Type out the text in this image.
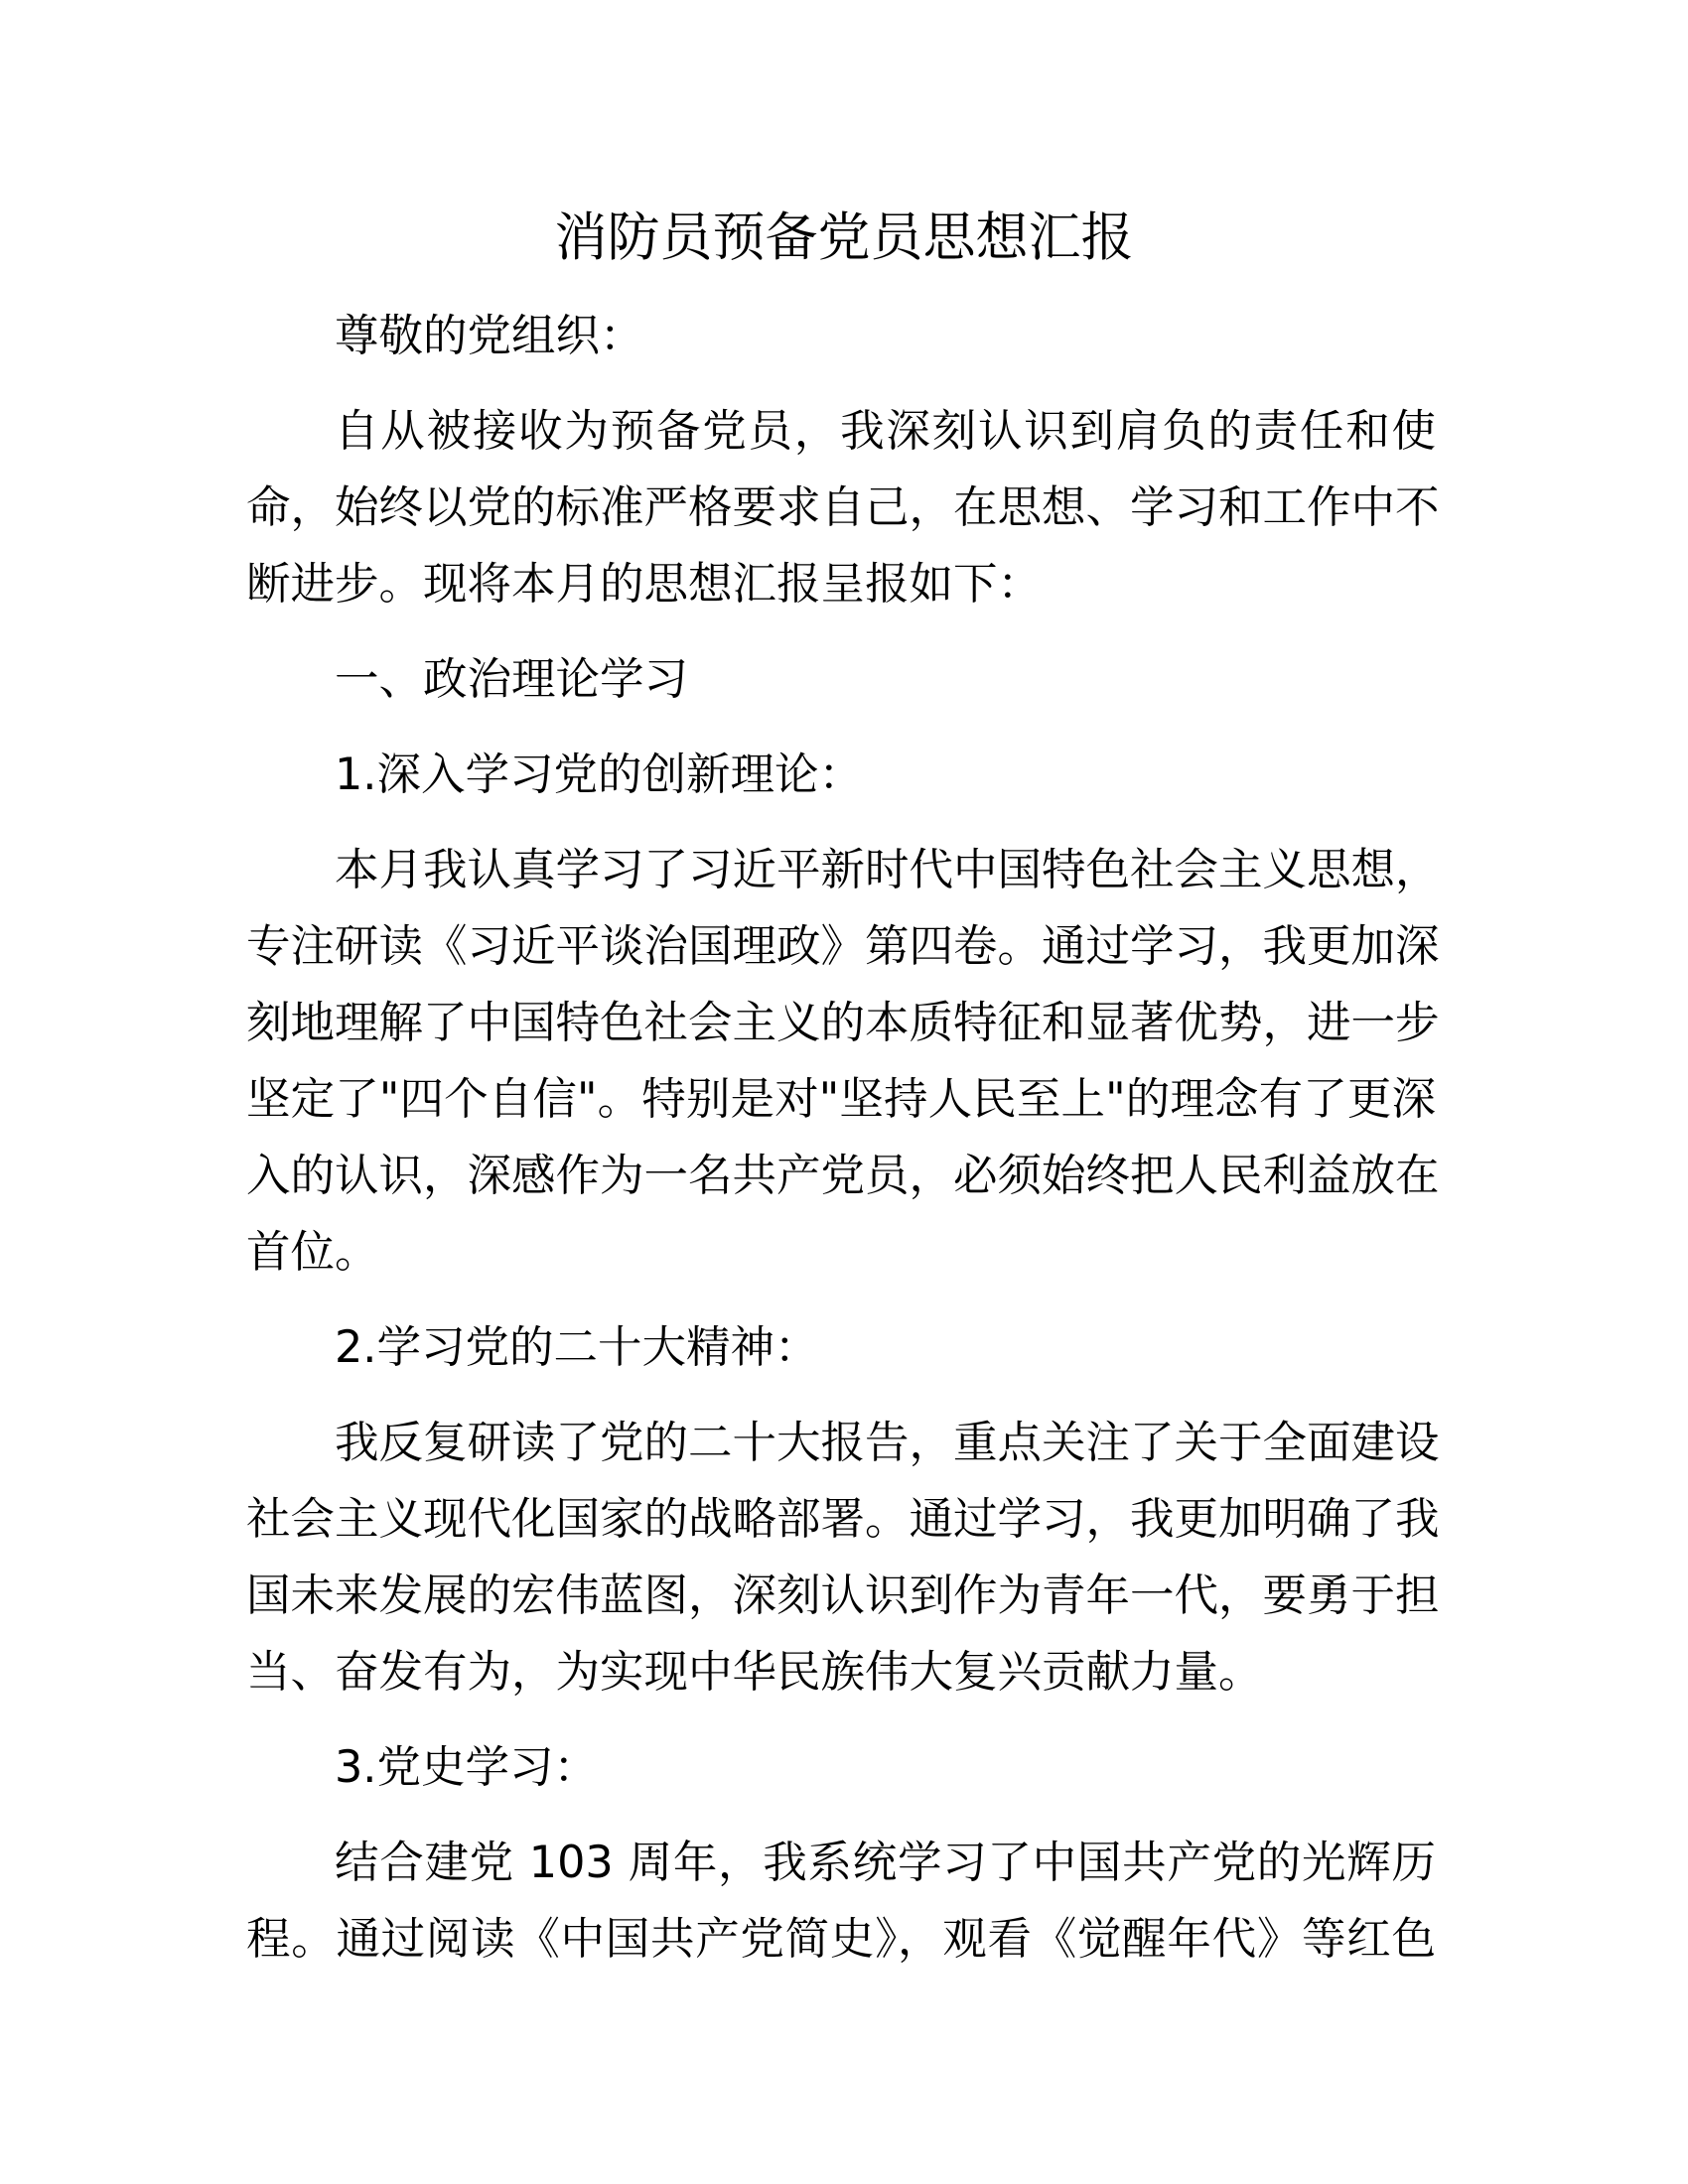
消防员预备党员思想汇报

尊敬的党组织：

自从被接收为预备党员，我深刻认识到肩负的责任和使
命，始终以党的标准严格要求自己，在思想、学习和工作中不
断进步。现将本月的思想汇报呈报如下：

一、政治理论学习

1.深入学习党的创新理论：

本月我认真学习了习近平新时代中国特色社会主义思想，
专注研读《习近平谈治国理政》第四卷。通过学习，我更加深
刻地理解了中国特色社会主义的本质特征和显著优势，进一步
坚定了"四个自信"。特别是对"坚持人民至上"的理念有了更深
入的认识，深感作为一名共产党员，必须始终把人民利益放在
首位。

2.学习党的二十大精神：

我反复研读了党的二十大报告，重点关注了关于全面建设
社会主义现代化国家的战略部署。通过学习，我更加明确了我
国未来发展的宏伟蓝图，深刻认识到作为青年一代，要勇于担
当、奋发有为，为实现中华民族伟大复兴贡献力量。

3.党史学习：

结合建党 103 周年，我系统学习了中国共产党的光辉历
程。通过阅读《中国共产党简史》，观看《觉醒年代》等红色
